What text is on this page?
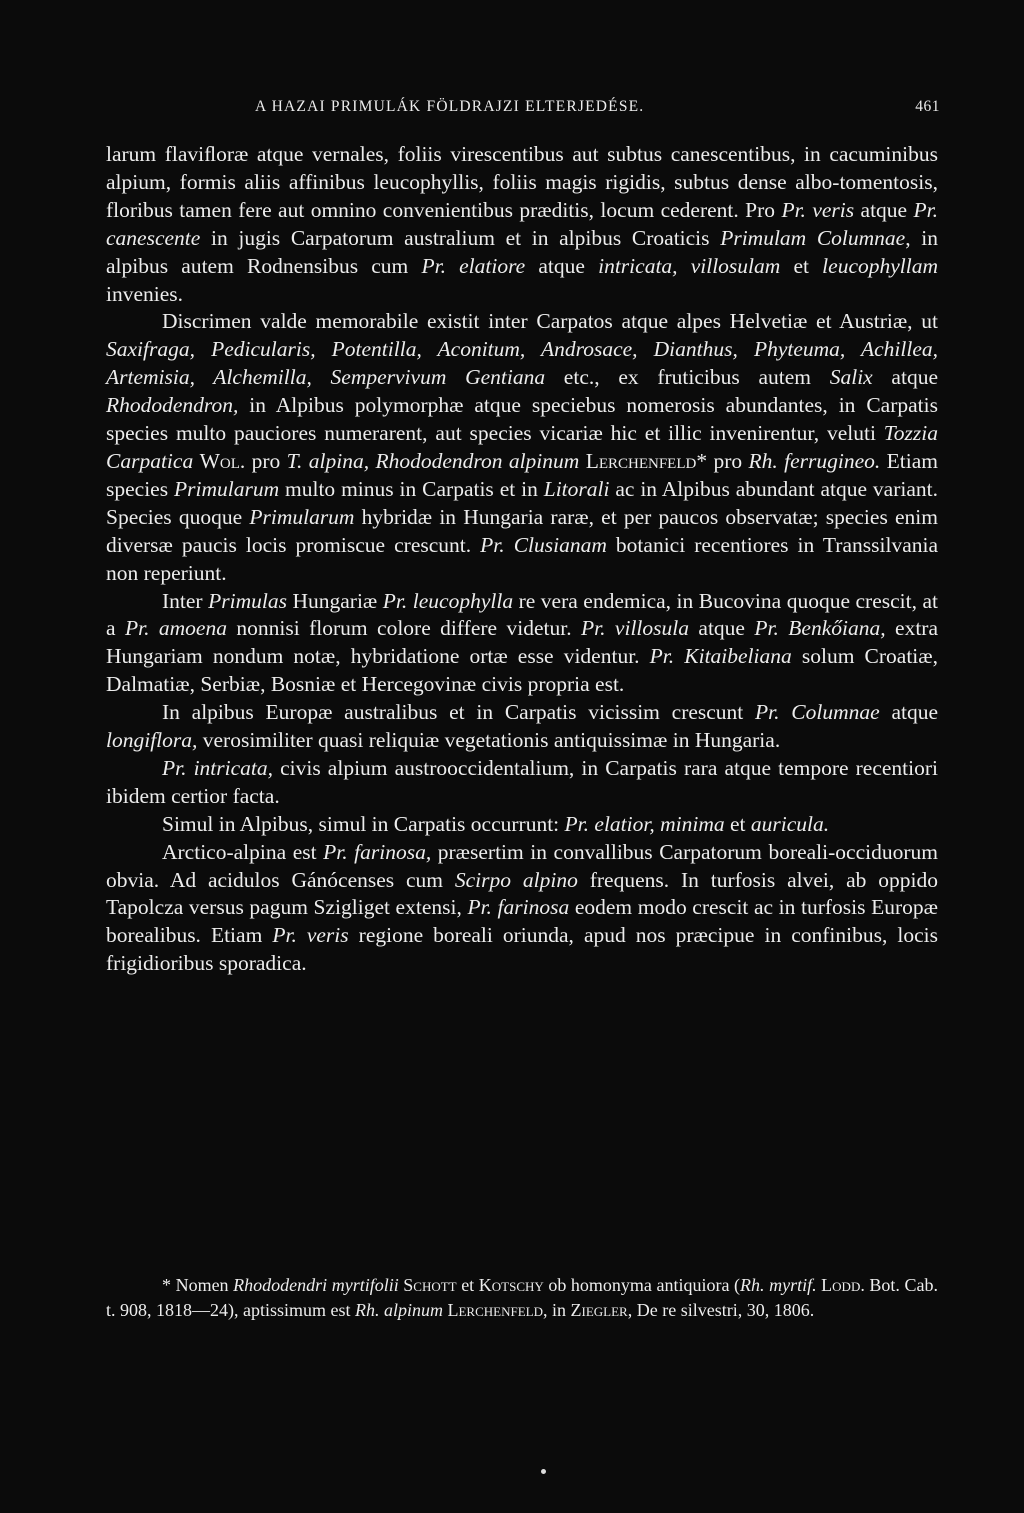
A HAZAI PRIMULÁK FÖLDRAJZI ELTERJEDÉSE.	461

larum flaviﬂoræ atque vernales, foliis virescentibus aut subtus canescentibus, in cacuminibus alpium, formis aliis affinibus leucophyllis, foliis magis rigidis, subtus dense albo-tomentosis, floribus tamen fere aut omnino convenientibus præditis, locum cederent. Pro Pr. veris atque Pr. canescente in jugis Carpatorum australium et in alpibus Croaticis Primulam Columnae, in alpibus autem Rodnensibus cum Pr. elatiore atque intricata, villosulam et leucophyllam invenies.

Discrimen valde memorabile existit inter Carpatos atque alpes Helvetiæ et Austriæ, ut Saxifraga, Pedicularis, Potentilla, Aconitum, Androsace, Dianthus, Phyteuma, Achillea, Artemisia, Alchemilla, Sempervivum Gentiana etc., ex fruticibus autem Salix atque Rhododendron, in Alpibus polymorphæ atque speciebus nomerosis abundantes, in Carpatis species multo pauciores numerarent, aut species vicariæ hic et illic invenirentur, veluti Tozzia Carpatica Wol. pro T. alpina, Rhododendron alpinum Lerchenfeld* pro Rh. ferrugineo. Etiam species Primularum multo minus in Carpatis et in Litorali ac in Alpibus abundant atque variant. Species quoque Primularum hybridæ in Hungaria raræ, et per paucos observatæ; species enim diversæ paucis locis promiscue crescunt. Pr. Clusianam botanici recentiores in Transsilvania non reperiunt.

Inter Primulas Hungariæ Pr. leucophylla re vera endemica, in Bucovina quoque crescit, at a Pr. amoena nonnisi florum colore differe videtur. Pr. villosula atque Pr. Benkőiana, extra Hungariam nondum notæ, hybridatione ortæ esse videntur. Pr. Kitaibeliana solum Croatiæ, Dalmatiæ, Serbiæ, Bosniæ et Hercegovinæ civis propria est.

In alpibus Europæ australibus et in Carpatis vicissim crescunt Pr. Columnae atque longiflora, verosimiliter quasi reliquiæ vegetationis antiquissimæ in Hungaria.

Pr. intricata, civis alpium austrooccidentalium, in Carpatis rara atque tempore recentiori ibidem certior facta.

Simul in Alpibus, simul in Carpatis occurrunt: Pr. elatior, minima et auricula.

Arctico-alpina est Pr. farinosa, præsertim in convallibus Carpatorum boreali-occiduorum obvia. Ad acidulos Gánócenses cum Scirpo alpino frequens. In turfosis alvei, ab oppido Tapolcza versus pagum Szigliget extensi, Pr. farinosa eodem modo crescit ac in turfosis Europæ borealibus. Etiam Pr. veris regione boreali oriunda, apud nos præcipue in confinibus, locis frigidioribus sporadica.

* Nomen Rhododendri myrtifolii Schott et Kotschy ob homonyma antiquiora (Rh. myrtif. Lodd. Bot. Cab. t. 908, 1818—24), aptissimum est Rh. alpinum Lerchenfeld, in Ziegler, De re silvestri, 30, 1806.
